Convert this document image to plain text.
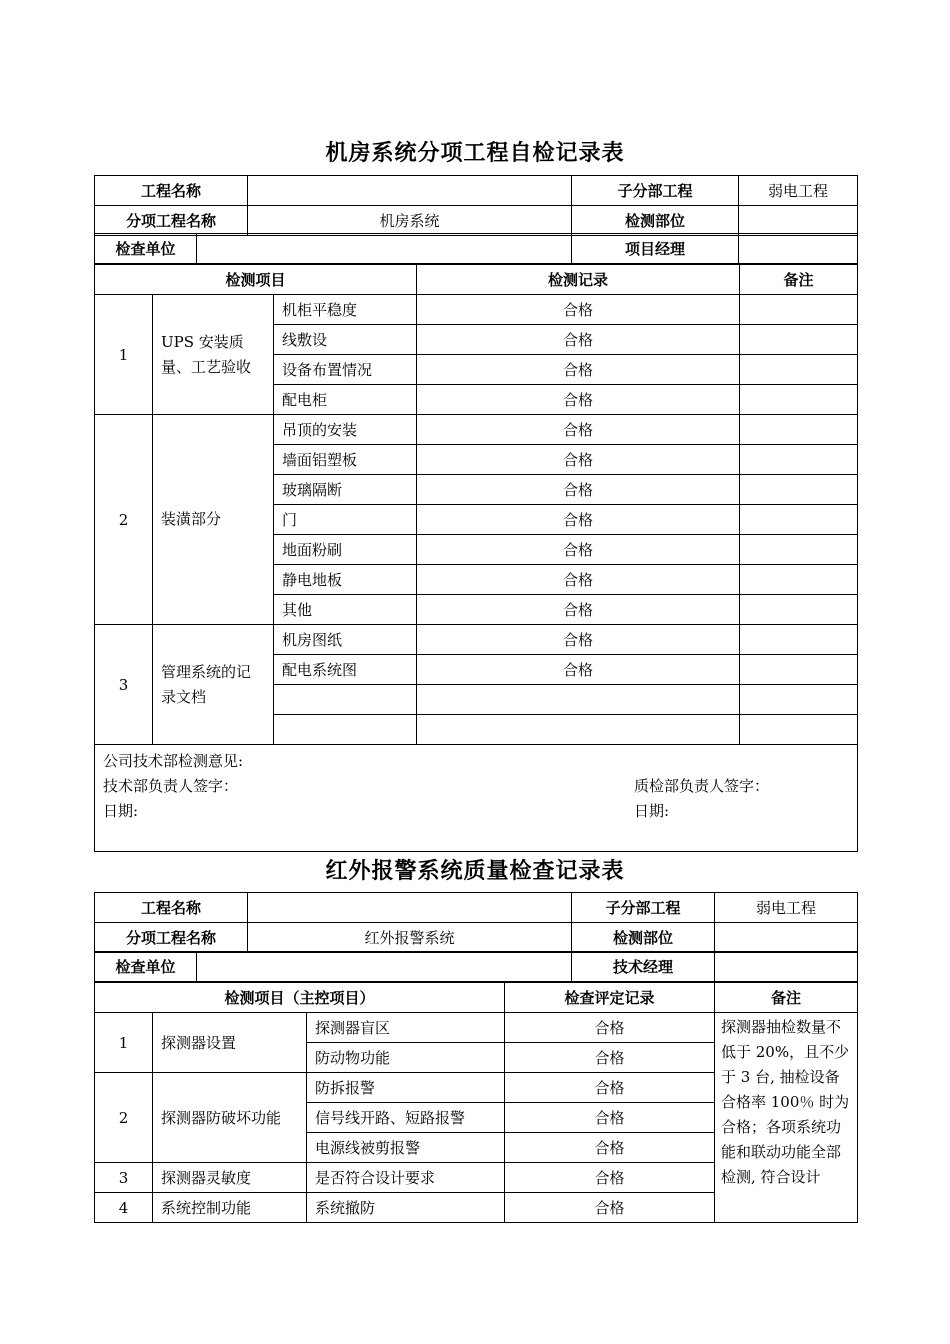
机房系统分项工程自检记录表
工程名称		子分部工程	弱电工程
分项工程名称	机房系统	检测部位	
检查单位		项目经理	
检测项目			检测记录	备注
1	UPS 安装质量、工艺验收	机柜平稳度	合格	
		线敷设	合格	
		设备布置情况	合格	
		配电柜	合格	
2	装潢部分	吊顶的安装	合格	
		墙面铝塑板	合格	
		玻璃隔断	合格	
		门	合格	
		地面粉刷	合格	
		静电地板	合格	
		其他	合格	
3	管理系统的记录文档	机房图纸	合格	
		配电系统图	合格	

公司技术部检测意见:
技术部负责人签字： 质检部负责人签字：
日期: 日期:				
红外报警系统质量检查记录表
工程名称		子分部工程	弱电工程
分项工程名称	红外报警系统	检测部位	
检查单位		技术经理	
检测项目（主控项目）			检查评定记录	备注
1	探测器设置	探测器盲区	合格	探测器抽检数量不低于 20%，且不少于 3 台, 抽检设备合格率 100％ 时为合格；各项系统功能和联动功能全部检测, 符合设计
		防动物功能	合格	
2	探测器防破坏功能	防拆报警	合格	
		信号线开路、短路报警	合格	
		电源线被剪报警	合格	
3	探测器灵敏度	是否符合设计要求	合格	
4	系统控制功能	系统撤防	合格	
